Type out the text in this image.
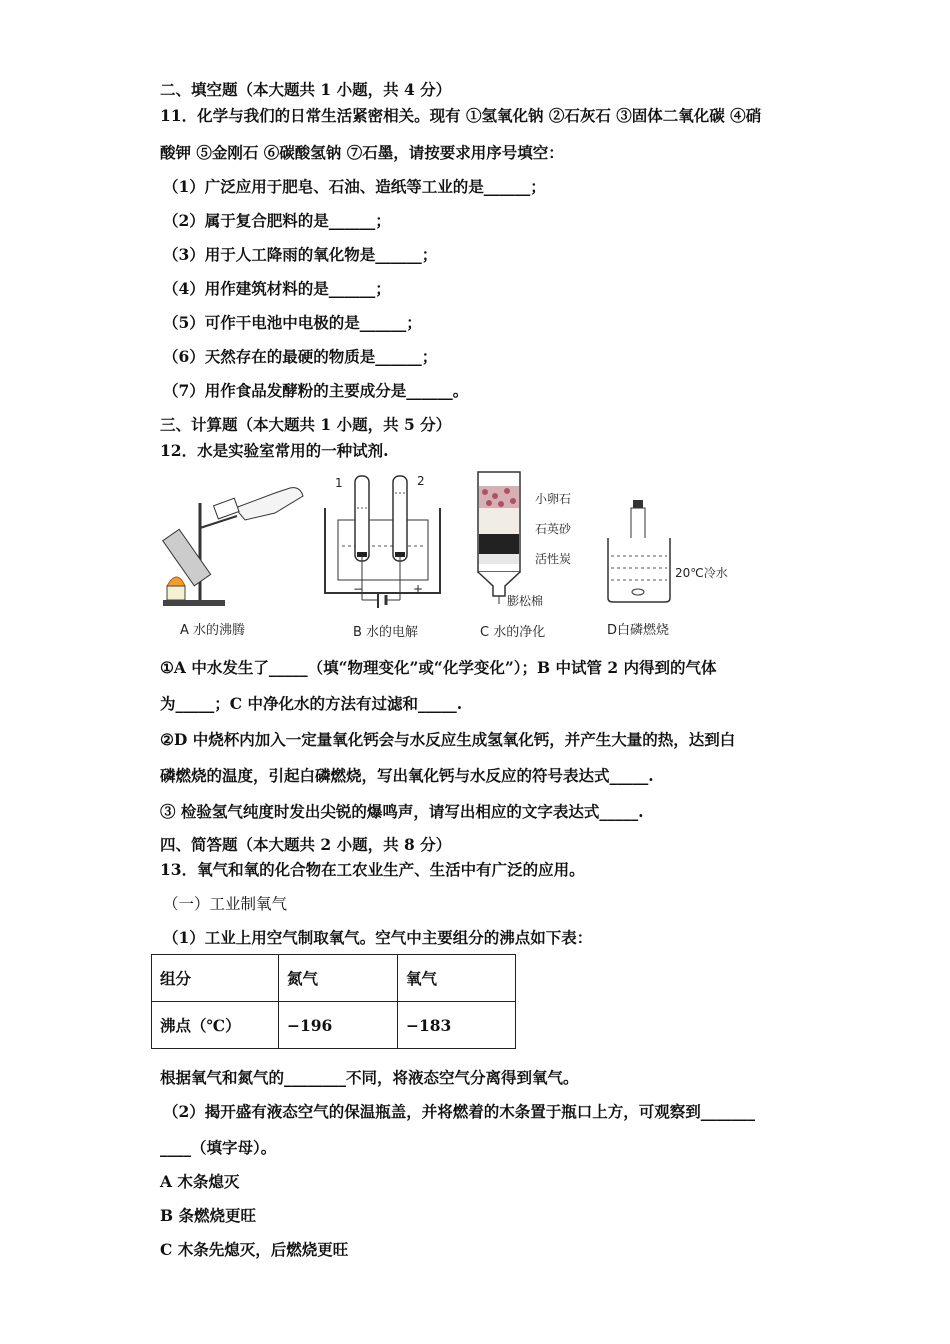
二、填空题（本大题共 1 小题，共 4 分）
11．化学与我们的日常生活紧密相关。现有 ①氢氧化钠 ②石灰石 ③固体二氧化碳 ④硝
酸钾 ⑤金刚石 ⑥碳酸氢钠 ⑦石墨，请按要求用序号填空：
（1）广泛应用于肥皂、石油、造纸等工业的是______；
（2）属于复合肥料的是______；
（3）用于人工降雨的氧化物是______；
（4）用作建筑材料的是______；
（5）可作干电池中电极的是______；
（6）天然存在的最硬的物质是______；
（7）用作食品发酵粉的主要成分是______。
三、计算题（本大题共 1 小题，共 5 分）
12．水是实验室常用的一种试剂.
1	2
−	+
小卵石
石英砂
活性炭
膨松棉
20℃冷水
A 水的沸腾	B 水的电解	C 水的净化	D白磷燃烧
①A 中水发生了_____（填“物理变化”或“化学变化”）；B 中试管 2 内得到的气体
为_____；C 中净化水的方法有过滤和_____.
②D 中烧杯内加入一定量氧化钙会与水反应生成氢氧化钙，并产生大量的热，达到白
磷燃烧的温度，引起白磷燃烧，写出氧化钙与水反应的符号表达式_____.
③ 检验氢气纯度时发出尖锐的爆鸣声，请写出相应的文字表达式_____.
四、简答题（本大题共 2 小题，共 8 分）
13．氧气和氧的化合物在工农业生产、生活中有广泛的应用。
（一）工业制氧气
（1）工业上用空气制取氧气。空气中主要组分的沸点如下表：
组分	氮气	氧气
沸点（℃）	−196	−183
根据氧气和氮气的________不同，将液态空气分离得到氧气。
（2）揭开盛有液态空气的保温瓶盖，并将燃着的木条置于瓶口上方，可观察到_______
____（填字母）。
A 木条熄灭
B 条燃烧更旺
C 木条先熄灭，后燃烧更旺
